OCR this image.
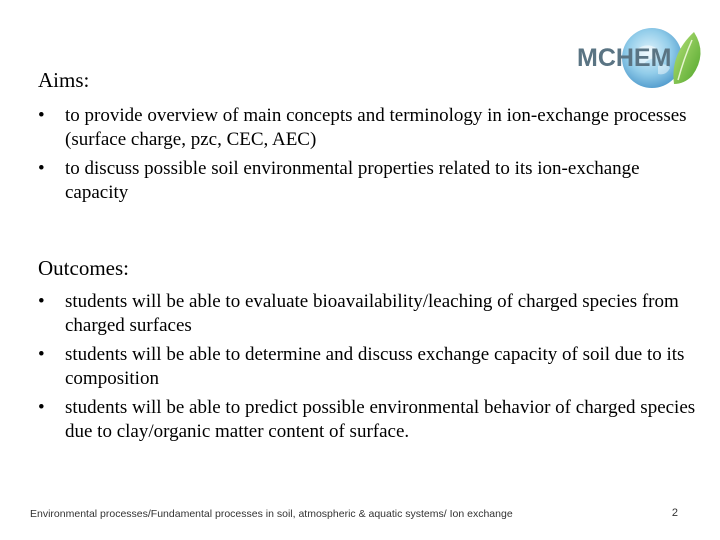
MCHEM
Aims:
•	to provide overview of main concepts and terminology in ion-exchange processes (surface charge, pzc, CEC, AEC)
•	to discuss possible soil environmental properties related to its ion-exchange capacity
Outcomes:
•	students will be able to evaluate bioavailability/leaching of charged species from charged surfaces
•	students will be able to determine and discuss exchange capacity of soil due to its composition
•	students will be able to predict possible environmental behavior of charged species due to clay/organic matter content of surface.
Environmental processes/Fundamental processes in soil, atmospheric & aquatic systems/ Ion exchange	2
